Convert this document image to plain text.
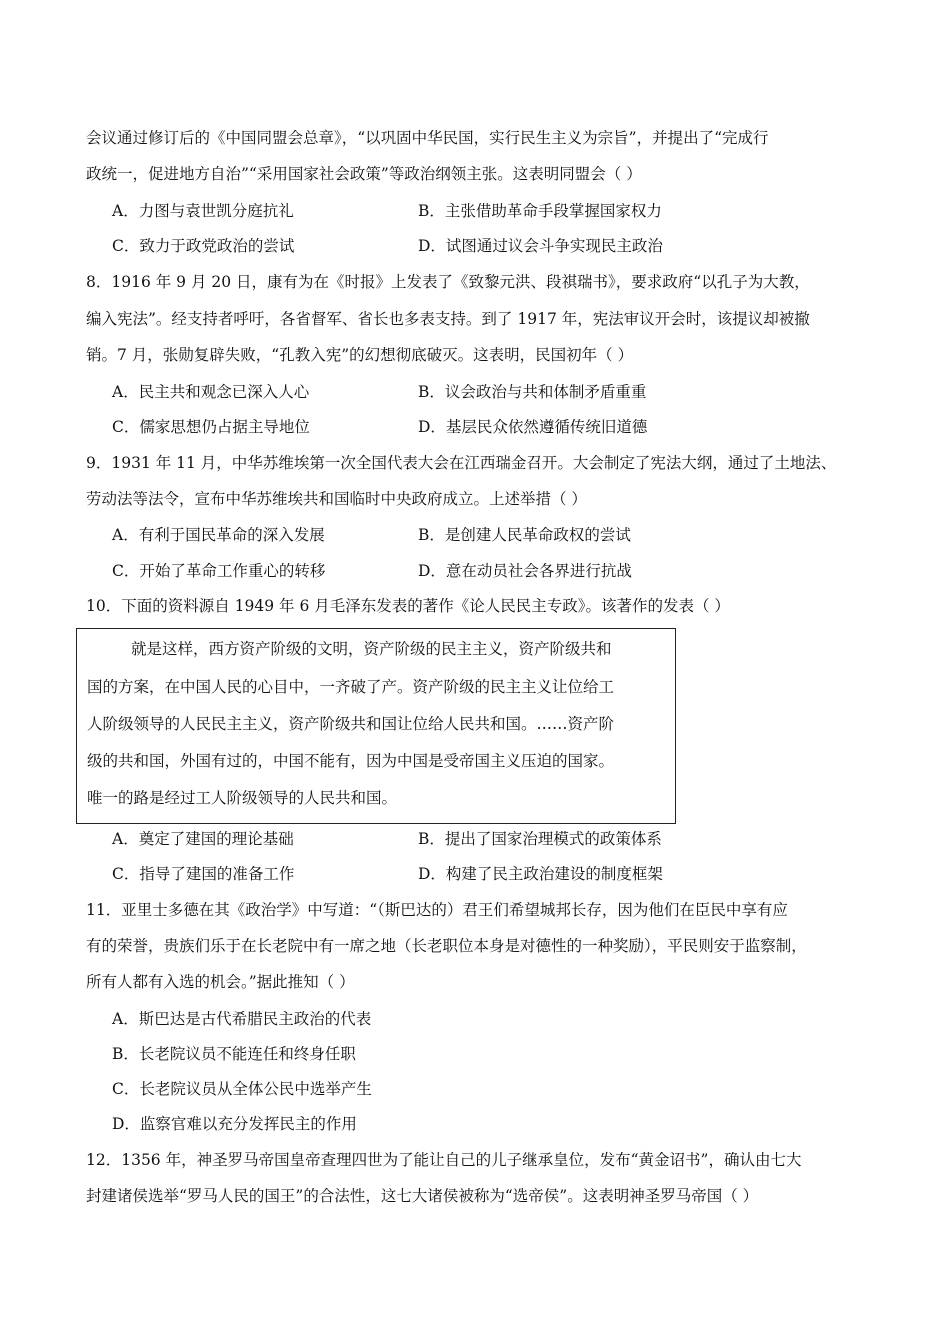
会议通过修订后的《中国同盟会总章》，“以巩固中华民国，实行民生主义为宗旨”，并提出了“完成行
政统一，促进地方自治”“采用国家社会政策”等政治纲领主张。这表明同盟会（ ）
A．力图与袁世凯分庭抗礼	B．主张借助革命手段掌握国家权力
C．致力于政党政治的尝试	D．试图通过议会斗争实现民主政治
8．1916 年 9 月 20 日，康有为在《时报》上发表了《致黎元洪、段祺瑞书》，要求政府“以孔子为大教，
编入宪法”。经支持者呼吁，各省督军、省长也多表支持。到了 1917 年，宪法审议开会时，该提议却被撤
销。7 月，张勋复辟失败，“孔教入宪”的幻想彻底破灭。这表明，民国初年（ ）
A．民主共和观念已深入人心	B．议会政治与共和体制矛盾重重
C．儒家思想仍占据主导地位	D．基层民众依然遵循传统旧道德
9．1931 年 11 月，中华苏维埃第一次全国代表大会在江西瑞金召开。大会制定了宪法大纲，通过了土地法、
劳动法等法令，宣布中华苏维埃共和国临时中央政府成立。上述举措（ ）
A．有利于国民革命的深入发展	B．是创建人民革命政权的尝试
C．开始了革命工作重心的转移	D．意在动员社会各界进行抗战
10．下面的资料源自 1949 年 6 月毛泽东发表的著作《论人民民主专政》。该著作的发表（ ）
就是这样，西方资产阶级的文明，资产阶级的民主主义，资产阶级共和
国的方案，在中国人民的心目中，一齐破了产。资产阶级的民主主义让位给工
人阶级领导的人民民主主义，资产阶级共和国让位给人民共和国。……资产阶
级的共和国，外国有过的，中国不能有，因为中国是受帝国主义压迫的国家。
唯一的路是经过工人阶级领导的人民共和国。
A．奠定了建国的理论基础	B．提出了国家治理模式的政策体系
C．指导了建国的准备工作	D．构建了民主政治建设的制度框架
11．亚里士多德在其《政治学》中写道：“（斯巴达的）君王们希望城邦长存，因为他们在臣民中享有应
有的荣誉，贵族们乐于在长老院中有一席之地（长老职位本身是对德性的一种奖励），平民则安于监察制，
所有人都有入选的机会。”据此推知（ ）
A．斯巴达是古代希腊民主政治的代表
B．长老院议员不能连任和终身任职
C．长老院议员从全体公民中选举产生
D．监察官难以充分发挥民主的作用
12．1356 年，神圣罗马帝国皇帝查理四世为了能让自己的儿子继承皇位，发布“黄金诏书”，确认由七大
封建诸侯选举“罗马人民的国王”的合法性，这七大诸侯被称为“选帝侯”。这表明神圣罗马帝国（ ）
